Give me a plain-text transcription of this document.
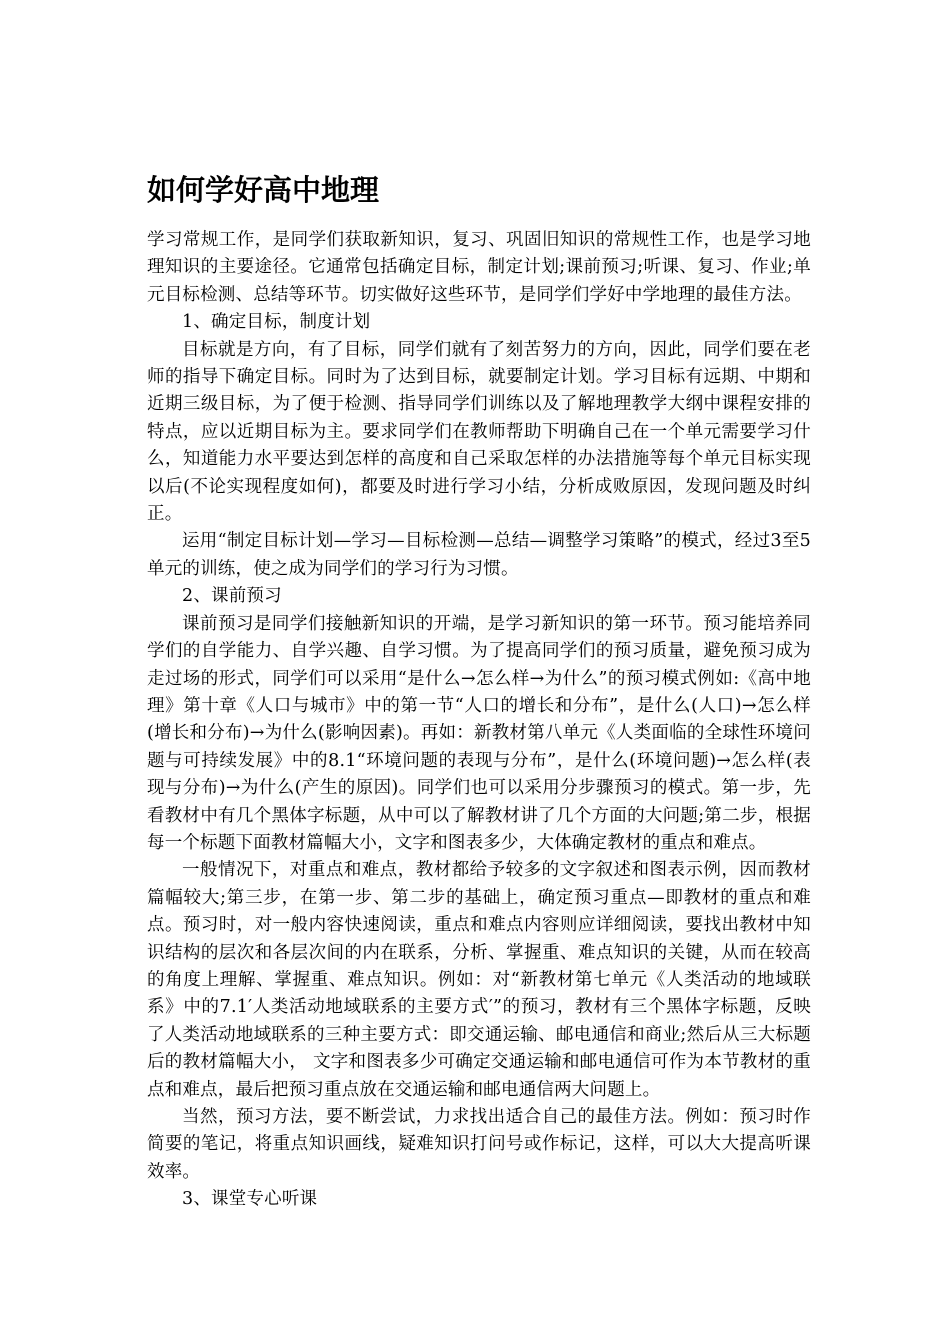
如何学好高中地理

学习常规工作，是同学们获取新知识，复习、巩固旧知识的常规性工作，也是学习地理知识的主要途径。它通常包括确定目标，制定计划;课前预习;听课、复习、作业;单元目标检测、总结等环节。切实做好这些环节，是同学们学好中学地理的最佳方法。

1、确定目标，制度计划

目标就是方向，有了目标，同学们就有了刻苦努力的方向，因此，同学们要在老师的指导下确定目标。同时为了达到目标，就要制定计划。学习目标有远期、中期和近期三级目标，为了便于检测、指导同学们训练以及了解地理教学大纲中课程安排的特点，应以近期目标为主。要求同学们在教师帮助下明确自己在一个单元需要学习什么，知道能力水平要达到怎样的高度和自己采取怎样的办法措施等每个单元目标实现以后(不论实现程度如何)，都要及时进行学习小结，分析成败原因，发现问题及时纠正。

运用“制定目标计划—学习—目标检测—总结—调整学习策略”的模式，经过3至5单元的训练，使之成为同学们的学习行为习惯。

2、课前预习

课前预习是同学们接触新知识的开端，是学习新知识的第一环节。预习能培养同学们的自学能力、自学兴趣、自学习惯。为了提高同学们的预习质量，避免预习成为走过场的形式，同学们可以采用“是什么→怎么样→为什么”的预习模式例如:《高中地理》第十章《人口与城市》中的第一节“人口的增长和分布”，是什么(人口)→怎么样(增长和分布)→为什么(影响因素)。再如：新教材第八单元《人类面临的全球性环境问题与可持续发展》中的8.1“环境问题的表现与分布”，是什么(环境问题)→怎么样(表现与分布)→为什么(产生的原因)。同学们也可以采用分步骤预习的模式。第一步，先看教材中有几个黑体字标题，从中可以了解教材讲了几个方面的大问题;第二步，根据每一个标题下面教材篇幅大小，文字和图表多少，大体确定教材的重点和难点。

一般情况下，对重点和难点，教材都给予较多的文字叙述和图表示例，因而教材篇幅较大;第三步，在第一步、第二步的基础上，确定预习重点—即教材的重点和难点。预习时，对一般内容快速阅读，重点和难点内容则应详细阅读，要找出教材中知识结构的层次和各层次间的内在联系，分析、掌握重、难点知识的关键，从而在较高的角度上理解、掌握重、难点知识。例如：对“新教材第七单元《人类活动的地域联系》中的7.1′人类活动地域联系的主要方式′”的预习，教材有三个黑体字标题，反映了人类活动地域联系的三种主要方式：即交通运输、邮电通信和商业;然后从三大标题后的教材篇幅大小， 文字和图表多少可确定交通运输和邮电通信可作为本节教材的重点和难点，最后把预习重点放在交通运输和邮电通信两大问题上。

当然，预习方法，要不断尝试，力求找出适合自己的最佳方法。例如：预习时作简要的笔记，将重点知识画线，疑难知识打问号或作标记，这样，可以大大提高听课效率。

3、课堂专心听课
